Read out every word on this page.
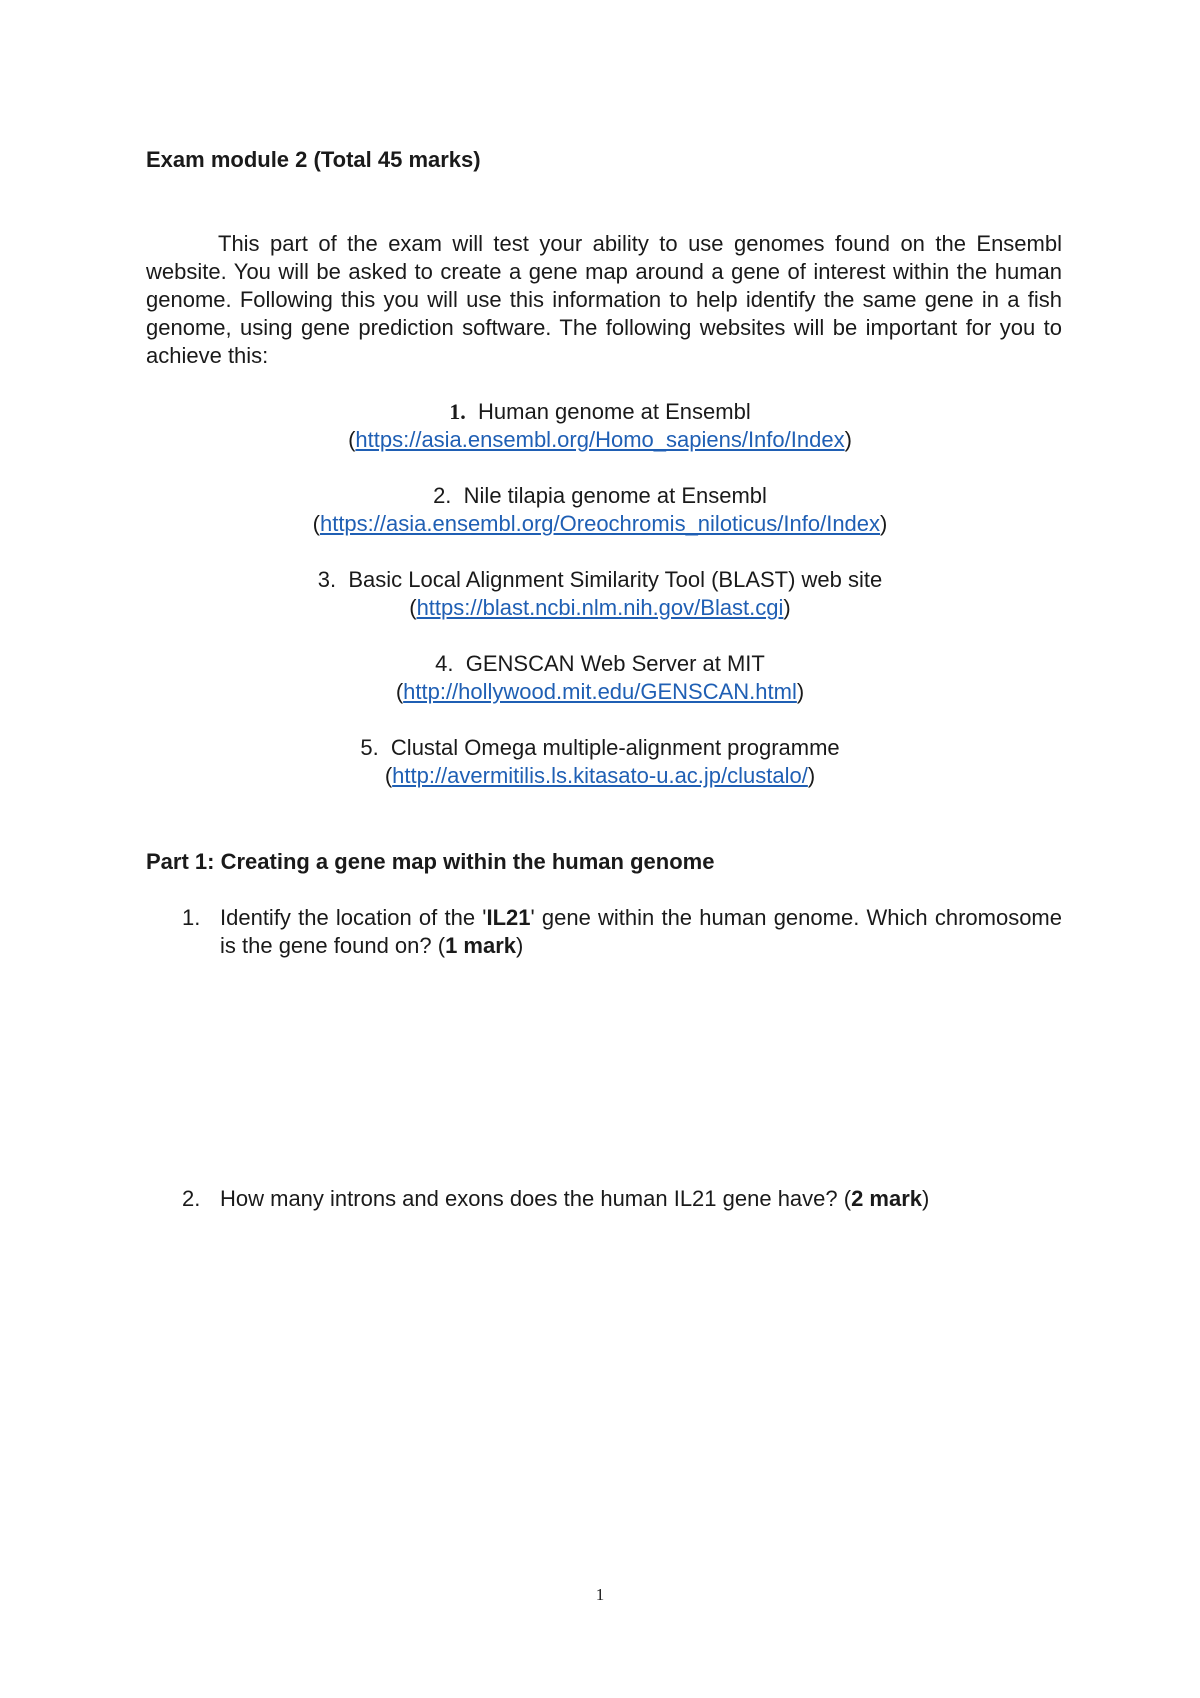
Exam module 2 (Total 45 marks)
This part of the exam will test your ability to use genomes found on the Ensembl website. You will be asked to create a gene map around a gene of interest within the human genome. Following this you will use this information to help identify the same gene in a fish genome, using gene prediction software. The following websites will be important for you to achieve this:
1. Human genome at Ensembl
(https://asia.ensembl.org/Homo_sapiens/Info/Index)
2. Nile tilapia genome at Ensembl
(https://asia.ensembl.org/Oreochromis_niloticus/Info/Index)
3. Basic Local Alignment Similarity Tool (BLAST) web site
(https://blast.ncbi.nlm.nih.gov/Blast.cgi)
4. GENSCAN Web Server at MIT
(http://hollywood.mit.edu/GENSCAN.html)
5. Clustal Omega multiple-alignment programme
(http://avermitilis.ls.kitasato-u.ac.jp/clustalo/)
Part 1: Creating a gene map within the human genome
1. Identify the location of the 'IL21' gene within the human genome. Which chromosome is the gene found on? (1 mark)
2. How many introns and exons does the human IL21 gene have? (2 mark)
1
